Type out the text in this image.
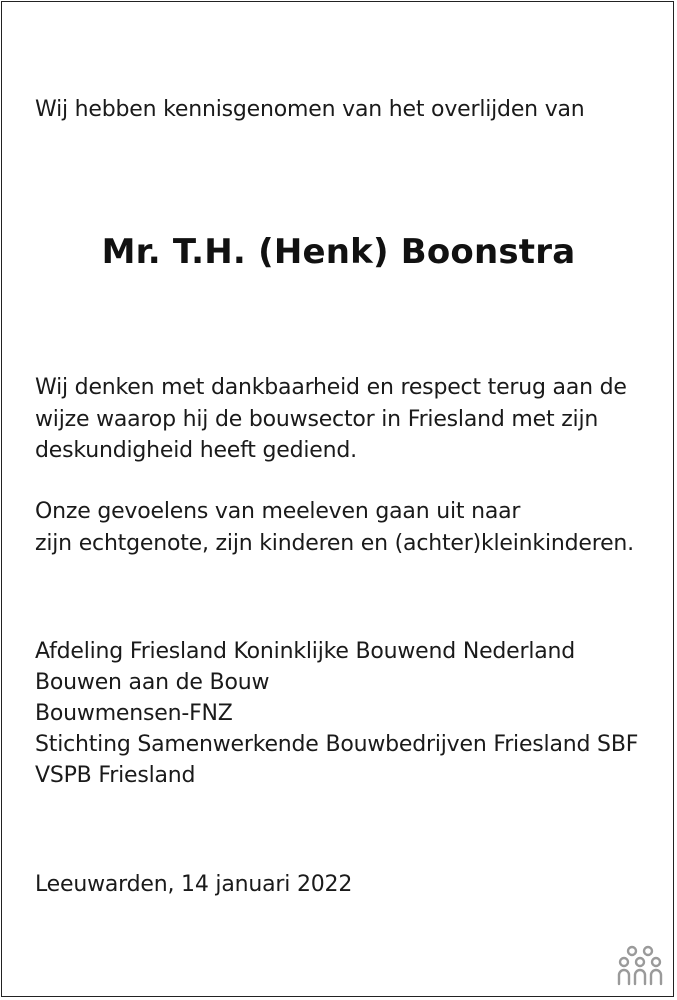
Wij hebben kennisgenomen van het overlijden van
Mr. T.H. (Henk) Boonstra
Wij denken met dankbaarheid en respect terug aan de
wijze waarop hij de bouwsector in Friesland met zijn
deskundigheid heeft gediend.
Onze gevoelens van meeleven gaan uit naar
zijn echtgenote, zijn kinderen en (achter)kleinkinderen.
Afdeling Friesland Koninklijke Bouwend Nederland
Bouwen aan de Bouw
Bouwmensen-FNZ
Stichting Samenwerkende Bouwbedrijven Friesland SBF
VSPB Friesland
Leeuwarden, 14 januari 2022
